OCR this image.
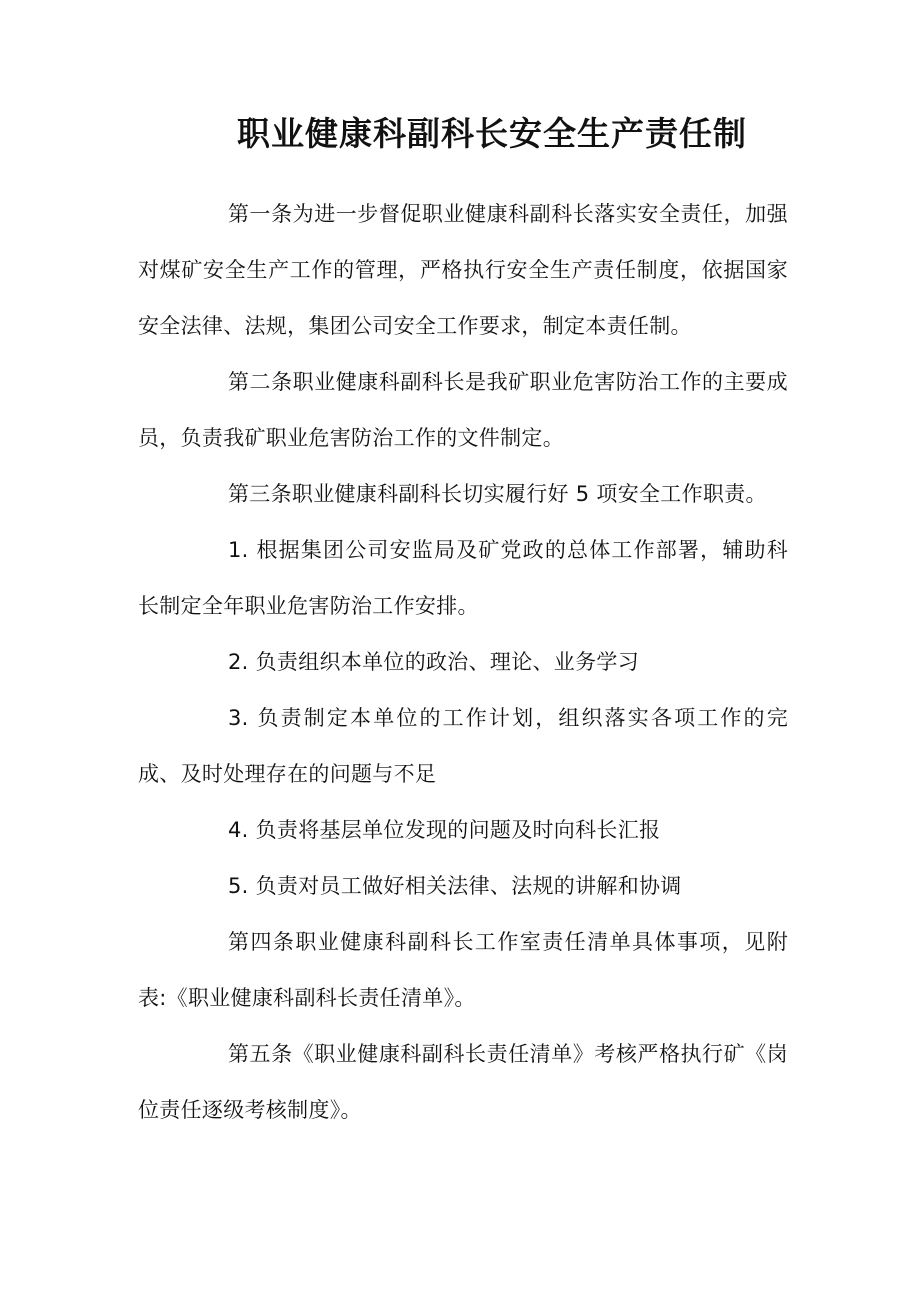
职业健康科副科长安全生产责任制

第一条为进一步督促职业健康科副科长落实安全责任，加强对煤矿安全生产工作的管理，严格执行安全生产责任制度，依据国家安全法律、法规，集团公司安全工作要求，制定本责任制。

第二条职业健康科副科长是我矿职业危害防治工作的主要成员，负责我矿职业危害防治工作的文件制定。

第三条职业健康科副科长切实履行好 5 项安全工作职责。

1. 根据集团公司安监局及矿党政的总体工作部署，辅助科长制定全年职业危害防治工作安排。

2. 负责组织本单位的政治、理论、业务学习

3. 负责制定本单位的工作计划，组织落实各项工作的完成、及时处理存在的问题与不足

4. 负责将基层单位发现的问题及时向科长汇报

5. 负责对员工做好相关法律、法规的讲解和协调

第四条职业健康科副科长工作室责任清单具体事项，见附表:《职业健康科副科长责任清单》。

第五条《职业健康科副科长责任清单》考核严格执行矿《岗位责任逐级考核制度》。
